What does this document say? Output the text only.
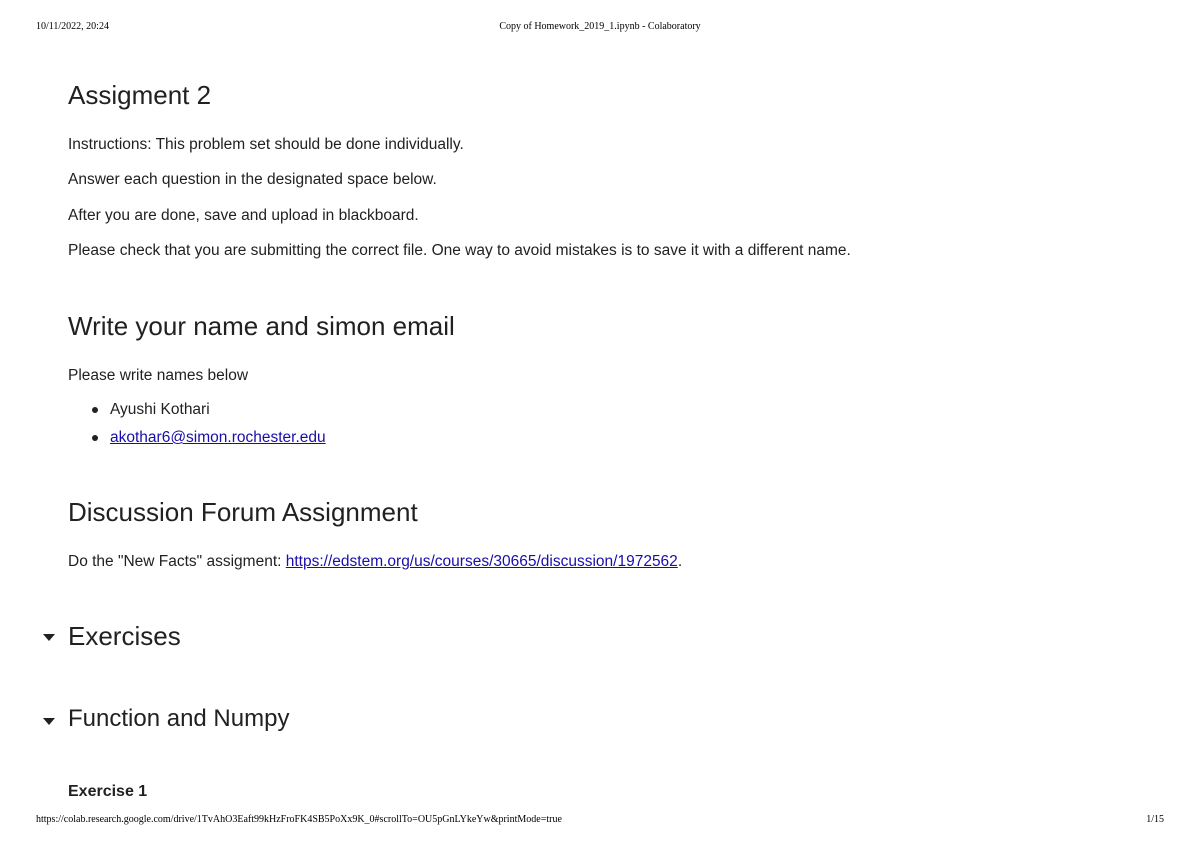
10/11/2022, 20:24	Copy of Homework_2019_1.ipynb - Colaboratory
Assigment 2

Instructions: This problem set should be done individually.

Answer each question in the designated space below.

After you are done, save and upload in blackboard.

Please check that you are submitting the correct file. One way to avoid mistakes is to save it with a different name.

Write your name and simon email

Please write names below

Ayushi Kothari
akothar6@simon.rochester.edu
Discussion Forum Assignment

Do the "New Facts" assigment: https://edstem.org/us/courses/30665/discussion/1972562.

Exercises
Function and Numpy
Exercise 1
https://colab.research.google.com/drive/1TvAhO3Eaft99kHzFroFK4SB5PoXx9K_0#scrollTo=OU5pGnLYkeYw&printMode=true	1/15
